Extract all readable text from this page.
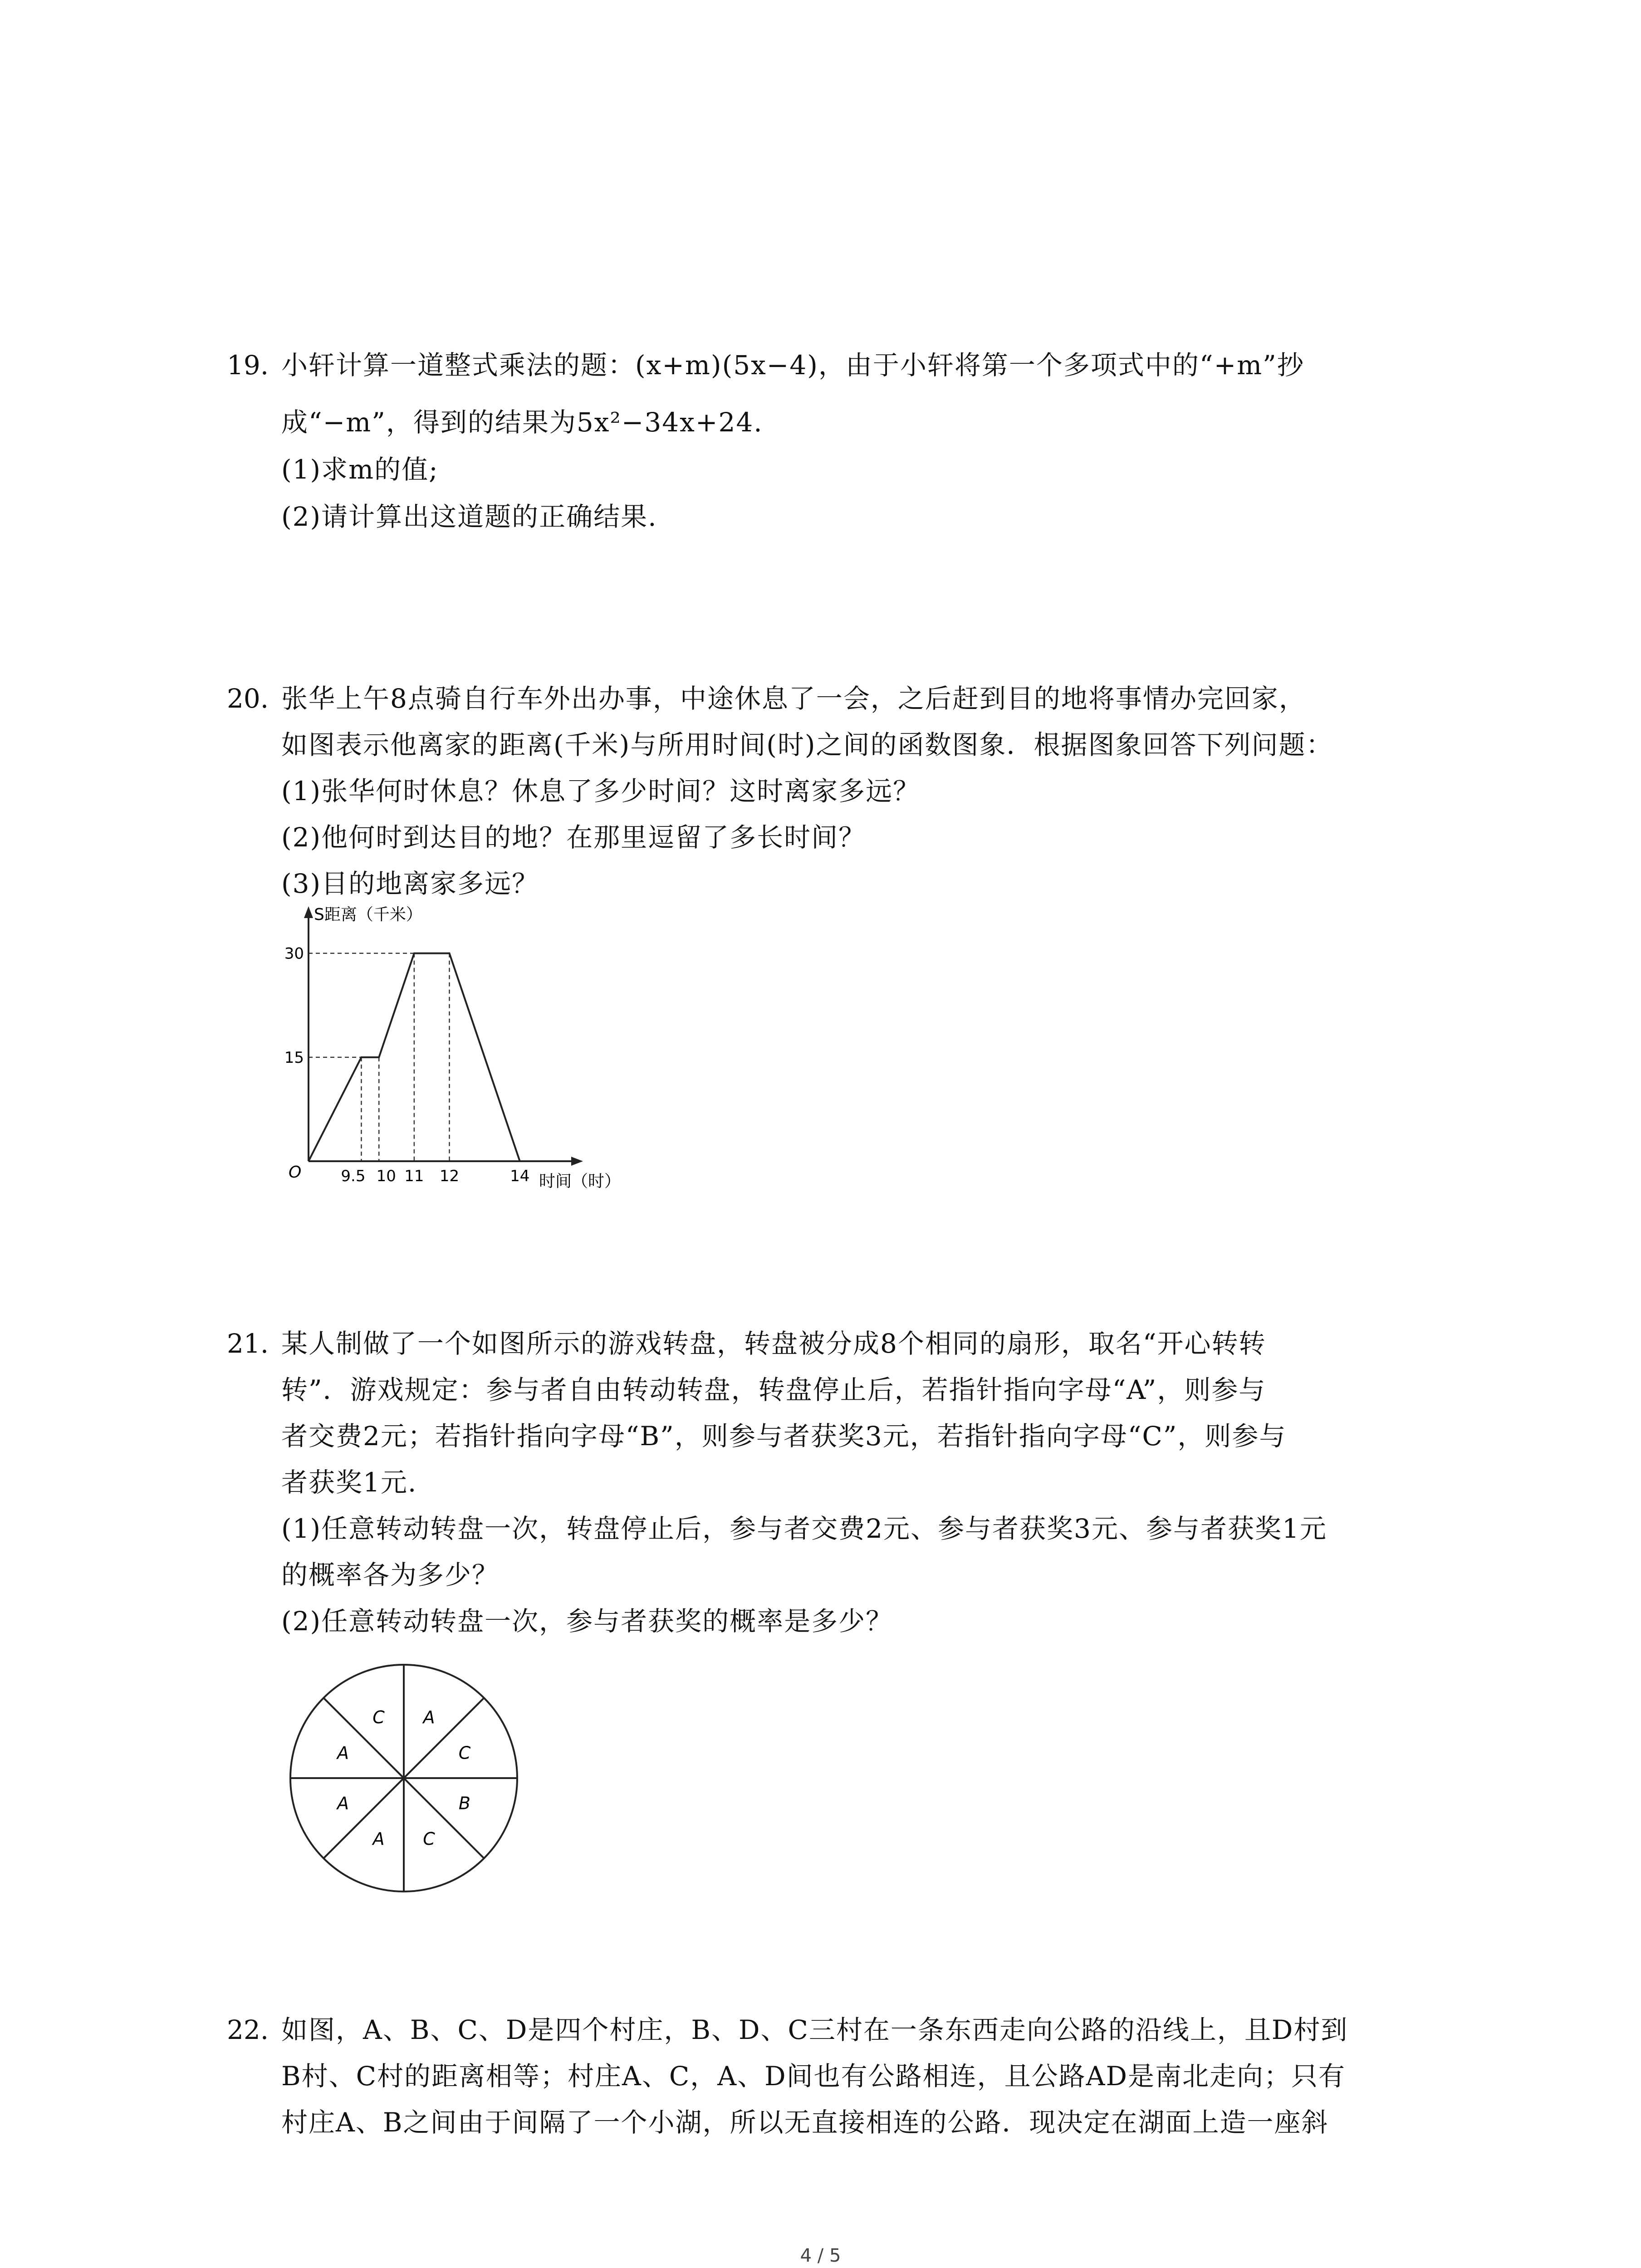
19. 小轩计算一道整式乘法的题：(x+m)(5x−4)，由于小轩将第一个多项式中的“+m”抄
成“−m”，得到的结果为5x²−34x+24.
(1)求m的值;
(2)请计算出这道题的正确结果.
20. 张华上午8点骑自行车外出办事，中途休息了一会，之后赶到目的地将事情办完回家，
如图表示他离家的距离(千米)与所用时间(时)之间的函数图象．根据图象回答下列问题：
(1)张华何时休息？休息了多少时间？这时离家多远？
(2)他何时到达目的地？在那里逗留了多长时间？
(3)目的地离家多远？
S距离（千米）
时间（时）
O	9.5 10 11 12	14
15
30
21. 某人制做了一个如图所示的游戏转盘，转盘被分成8个相同的扇形，取名“开心转转
转”．游戏规定：参与者自由转动转盘，转盘停止后，若指针指向字母“A”，则参与
者交费2元；若指针指向字母“B”，则参与者获奖3元，若指针指向字母“C”，则参与
者获奖1元.
(1)任意转动转盘一次，转盘停止后，参与者交费2元、参与者获奖3元、参与者获奖1元
的概率各为多少？
(2)任意转动转盘一次，参与者获奖的概率是多少？
A
C
B
C
A
A
A
C
22. 如图，A、B、C、D是四个村庄，B、D、C三村在一条东西走向公路的沿线上，且D村到
B村、C村的距离相等；村庄A、C，A、D间也有公路相连，且公路AD是南北走向；只有
村庄A、B之间由于间隔了一个小湖，所以无直接相连的公路．现决定在湖面上造一座斜
4 / 5
